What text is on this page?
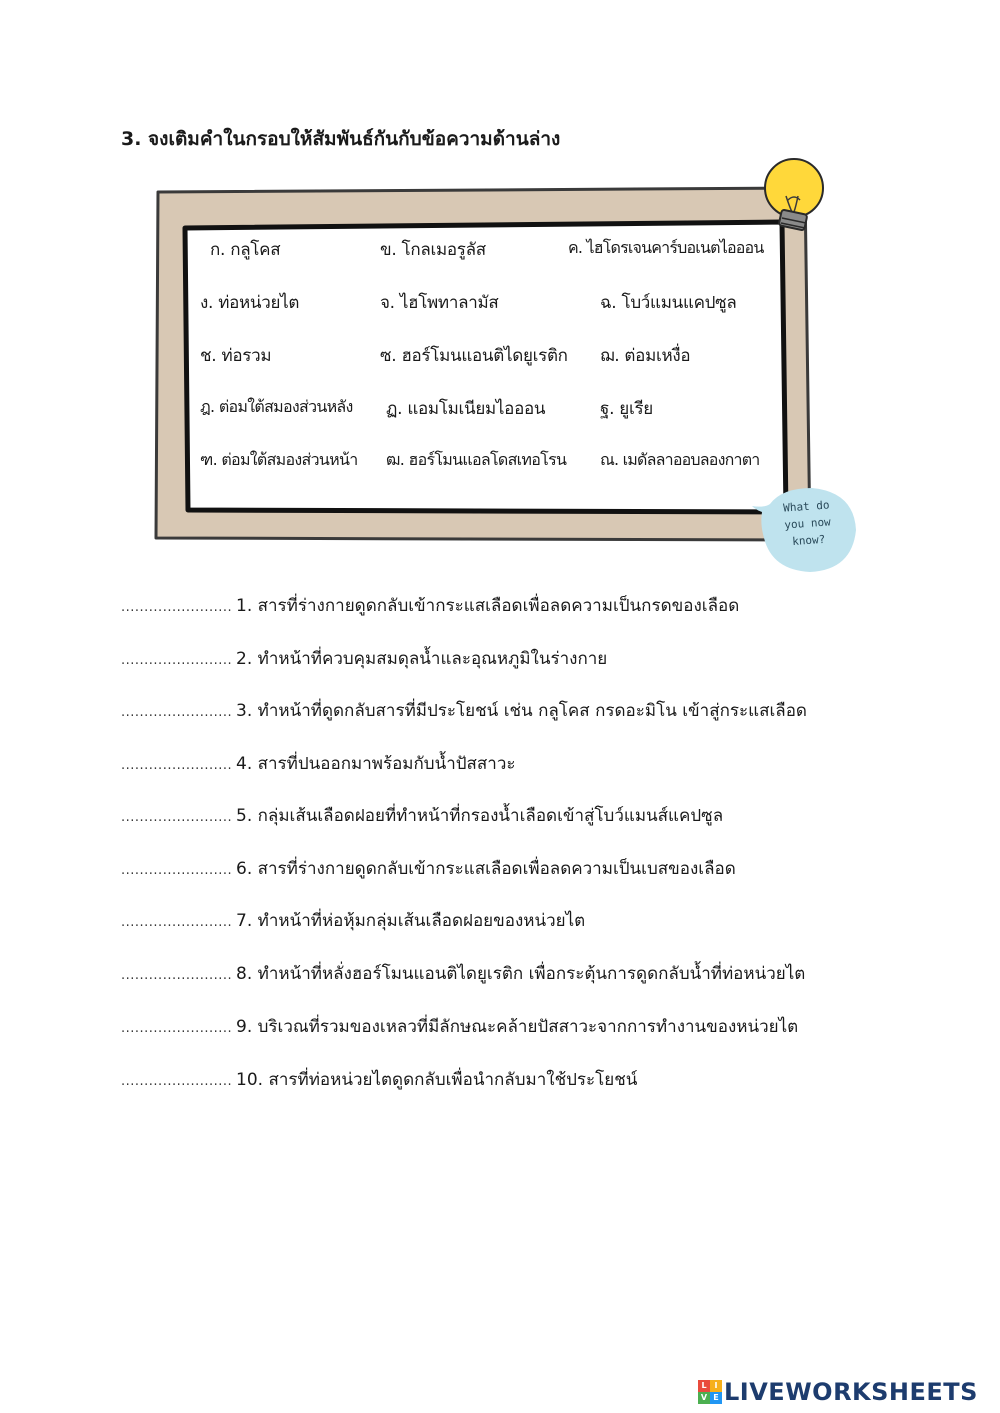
3. จงเติมคำในกรอบให้สัมพันธ์กันกับข้อความด้านล่าง
ก. กลูโคส	ข. โกลเมอรูลัส	ค. ไฮโดรเจนคาร์บอเนตไอออน
ง. ท่อหน่วยไต	จ. ไฮโพทาลามัส	ฉ. โบว์แมนแคปซูล
ช. ท่อรวม	ซ. ฮอร์โมนแอนติไดยูเรติก ฌ. ต่อมเหงื่อ
ฎ. ต่อมใต้สมองส่วนหลัง ฏ. แอมโมเนียมไอออน	ฐ. ยูเรีย
ฑ. ต่อมใต้สมองส่วนหน้า ฒ. ฮอร์โมนแอลโดสเทอโรน ณ. เมดัลลาออบลองกาตา
What do
you now
know?
........................ 1. สารที่ร่างกายดูดกลับเข้ากระแสเลือดเพื่อลดความเป็นกรดของเลือด
........................ 2. ทำหน้าที่ควบคุมสมดุลน้ำและอุณหภูมิในร่างกาย
........................ 3. ทำหน้าที่ดูดกลับสารที่มีประโยชน์ เช่น กลูโคส กรดอะมิโน เข้าสู่กระแสเลือด
........................ 4. สารที่ปนออกมาพร้อมกับน้ำปัสสาวะ
........................ 5. กลุ่มเส้นเลือดฝอยที่ทำหน้าที่กรองน้ำเลือดเข้าสู่โบว์แมนส์แคปซูล
........................ 6. สารที่ร่างกายดูดกลับเข้ากระแสเลือดเพื่อลดความเป็นเบสของเลือด
........................ 7. ทำหน้าที่ห่อหุ้มกลุ่มเส้นเลือดฝอยของหน่วยไต
........................ 8. ทำหน้าที่หลั่งฮอร์โมนแอนติไดยูเรติก เพื่อกระตุ้นการดูดกลับน้ำที่ท่อหน่วยไต
........................ 9. บริเวณที่รวมของเหลวที่มีลักษณะคล้ายปัสสาวะจากการทำงานของหน่วยไต
........................ 10. สารที่ท่อหน่วยไตดูดกลับเพื่อนำกลับมาใช้ประโยชน์
L I
V E LIVEWORKSHEETS
